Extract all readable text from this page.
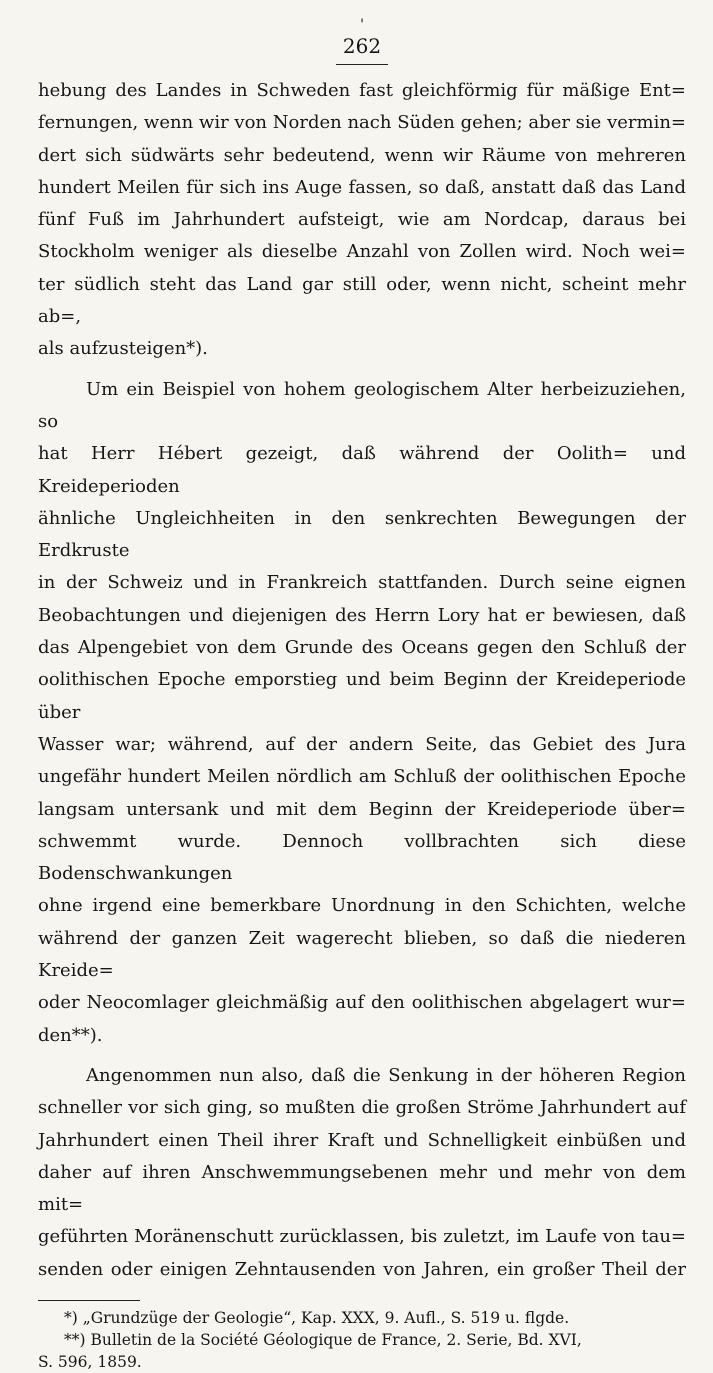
'
262

hebung des Landes in Schweden fast gleichförmig für mäßige Ent=

fernungen, wenn wir von Norden nach Süden gehen; aber sie vermin=

dert sich südwärts sehr bedeutend, wenn wir Räume von mehreren

hundert Meilen für sich ins Auge fassen, so daß, anstatt daß das Land

fünf Fuß im Jahrhundert aufsteigt, wie am Nordcap, daraus bei

Stockholm weniger als dieselbe Anzahl von Zollen wird. Noch wei=

ter südlich steht das Land gar still oder, wenn nicht, scheint mehr ab=,

als aufzusteigen*).

Um ein Beispiel von hohem geologischem Alter herbeizuziehen, so

hat Herr Hébert gezeigt, daß während der Oolith= und Kreideperioden

ähnliche Ungleichheiten in den senkrechten Bewegungen der Erdkruste

in der Schweiz und in Frankreich stattfanden. Durch seine eignen

Beobachtungen und diejenigen des Herrn Lory hat er bewiesen, daß

das Alpengebiet von dem Grunde des Oceans gegen den Schluß der

oolithischen Epoche emporstieg und beim Beginn der Kreideperiode über

Wasser war; während, auf der andern Seite, das Gebiet des Jura

ungefähr hundert Meilen nördlich am Schluß der oolithischen Epoche

langsam untersank und mit dem Beginn der Kreideperiode über=

schwemmt wurde. Dennoch vollbrachten sich diese Bodenschwankungen

ohne irgend eine bemerkbare Unordnung in den Schichten, welche

während der ganzen Zeit wagerecht blieben, so daß die niederen Kreide=

oder Neocomlager gleichmäßig auf den oolithischen abgelagert wur=

den**).

Angenommen nun also, daß die Senkung in der höheren Region

schneller vor sich ging, so mußten die großen Ströme Jahrhundert auf

Jahrhundert einen Theil ihrer Kraft und Schnelligkeit einbüßen und

daher auf ihren Anschwemmungsebenen mehr und mehr von dem mit=

geführten Moränenschutt zurücklassen, bis zuletzt, im Laufe von tau=

senden oder einigen Zehntausenden von Jahren, ein großer Theil der

*) „Grundzüge der Geologie“, Kap. XXX, 9. Aufl., S. 519 u. flgde.

**) Bulletin de la Société Géologique de France, 2. Serie, Bd. XVI,

S. 596, 1859.
